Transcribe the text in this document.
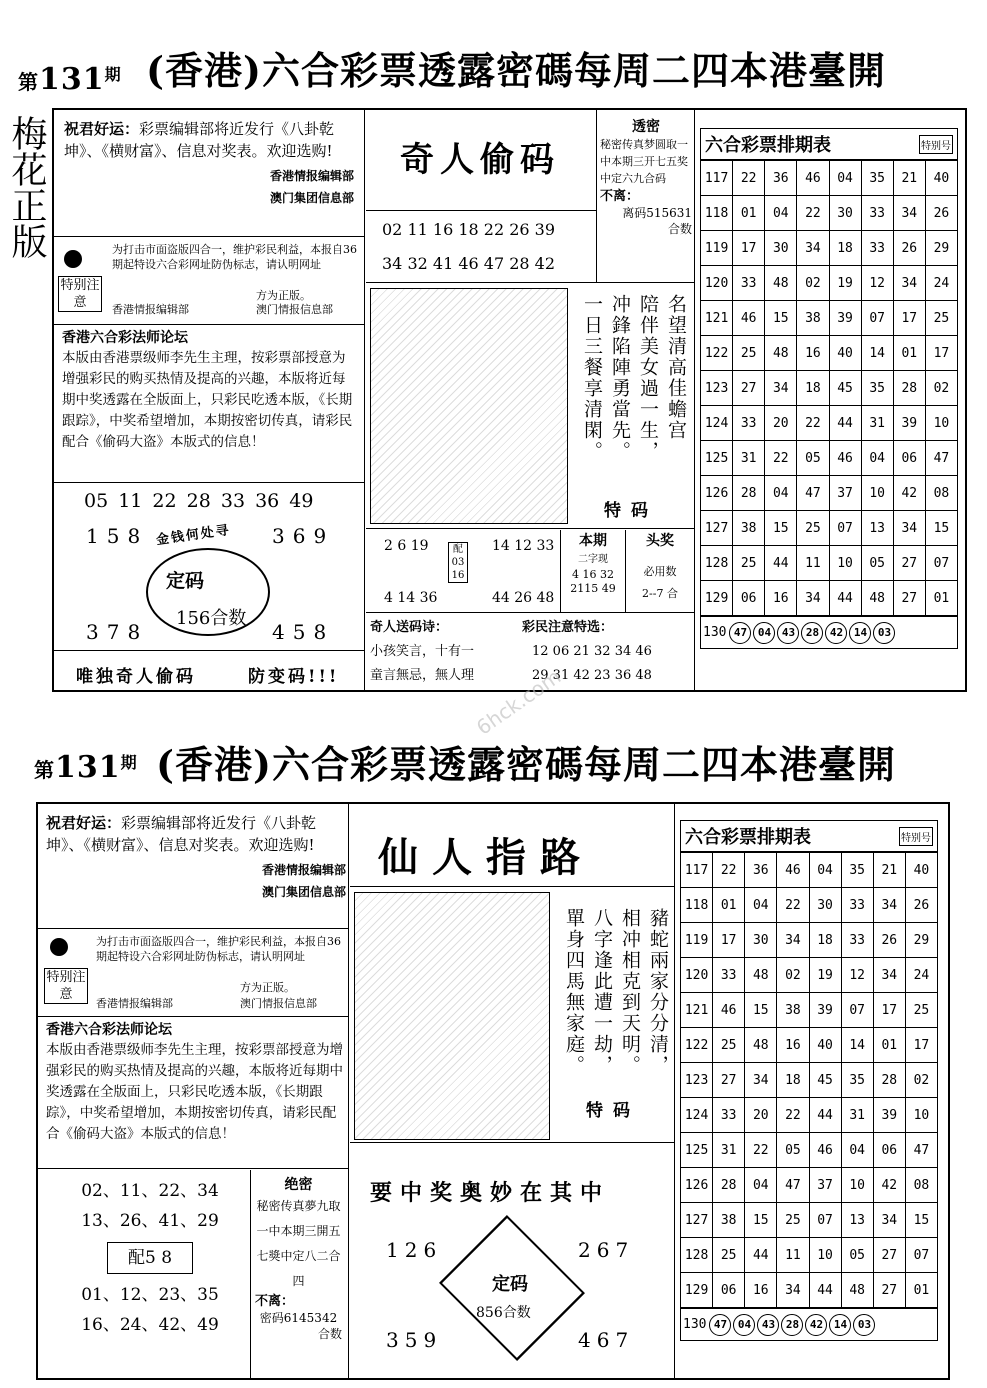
第$131^期$ (香港)六合彩票透露密碼每周二四本港臺開
梅花正版 祝君好运：彩票编辑部将近发行《八卦乾坤》、《横财富》、信息对奖表。欢迎选购!
香港情报编辑部
澳门集团信息部
特别注意
为打击市面盗版四合一，维护彩民利益，本报自36期起特设六合彩网址防伪标志，请认明网址
方为正版。
香港情报编辑部	澳门情报信息部
香港六合彩法师论坛
本版由香港票级师李先生主理，按彩票部授意为增强彩民的购买热情及提高的兴趣，本版将近每期中奖透露在全版面上，只彩民吃透本版，《长期跟踪》，中奖希望增加，本期按密切传真，请彩民配合《偷码大盗》本版式的信息！
05 11 22 28 33 36 49
158	369
378	458
金钱何处寻
定码
156合数
唯独奇人偷码	防变码!!!
奇人偷码
02 11 16 18 22 26 39
34 32 41 46 47 28 42
透密
秘密传真梦圆取一中本期三开七五奖中定六九合码
不离：
离码515631
合数
名望清高佳蟾宫
陪伴美女過一生，
冲鋒陷陣勇當先。
一日三餐享清閑。
特码
2 6 19
4 14 36
配 03 16
14 12 33
44 26 48
本期
二字现
4 16 32 2115 49
头奖
必用数
2--7 合
奇人送码诗：
小孩笑言，十有一
童言無忌，無人理
彩民注意特选：
12 06 21 32 34 46
29 31 42 23 36 48
六合彩票排期表	特别号
117	22	36	46	04	35	21	40
118	01	04	22	30	33	34	26
119	17	30	34	18	33	26	29
120	33	48	02	19	12	34	24
121	46	15	38	39	07	17	25
122	25	48	16	40	14	01	17
123	27	34	18	45	35	28	02
124	33	20	22	44	31	39	10
125	31	22	05	46	04	06	47
126	28	04	47	37	10	42	08
127	38	15	25	07	13	34	15
128	25	44	11	10	05	27	07
129	06	16	34	44	48	27	01
130 47 04 43 28 42 14 03
6hck.com
第$131^期$ (香港)六合彩票透露密碼每周二四本港臺開
祝君好运：彩票编辑部将近发行《八卦乾坤》、《横财富》、信息对奖表。欢迎选购!
香港情报编辑部
澳门集团信息部
特别注意
为打击市面盗版四合一，维护彩民利益，本报自36期起特设六合彩网址防伪标志，请认明网址
方为正版。
香港情报编辑部	澳门情报信息部
香港六合彩法师论坛
本版由香港票级师李先生主理，按彩票部授意为增强彩民的购买热情及提高的兴趣，本版将近每期中奖透露在全版面上，只彩民吃透本版，《长期跟踪》，中奖希望增加，本期按密切传真，请彩民配合《偷码大盗》本版式的信息！
02、11、22、34
13、26、41、29
配5 8
01、12、23、35
16、24、42、49
绝密
秘密传真夢九取一中本期三開五七獎中定八二合四
不离：
密码6145342
合数
仙人指路
豬蛇兩家分分清，
相冲相克到天明。
八字逢此遭一劫，
單身四馬無家庭。
特码
要中奖奥妙在其中
126	267
359	467
定码
856合数
六合彩票排期表	特别号
117	22	36	46	04	35	21	40
118	01	04	22	30	33	34	26
119	17	30	34	18	33	26	29
120	33	48	02	19	12	34	24
121	46	15	38	39	07	17	25
122	25	48	16	40	14	01	17
123	27	34	18	45	35	28	02
124	33	20	22	44	31	39	10
125	31	22	05	46	04	06	47
126	28	04	47	37	10	42	08
127	38	15	25	07	13	34	15
128	25	44	11	10	05	27	07
129	06	16	34	44	48	27	01
130 47 04 43 28 42 14 03
